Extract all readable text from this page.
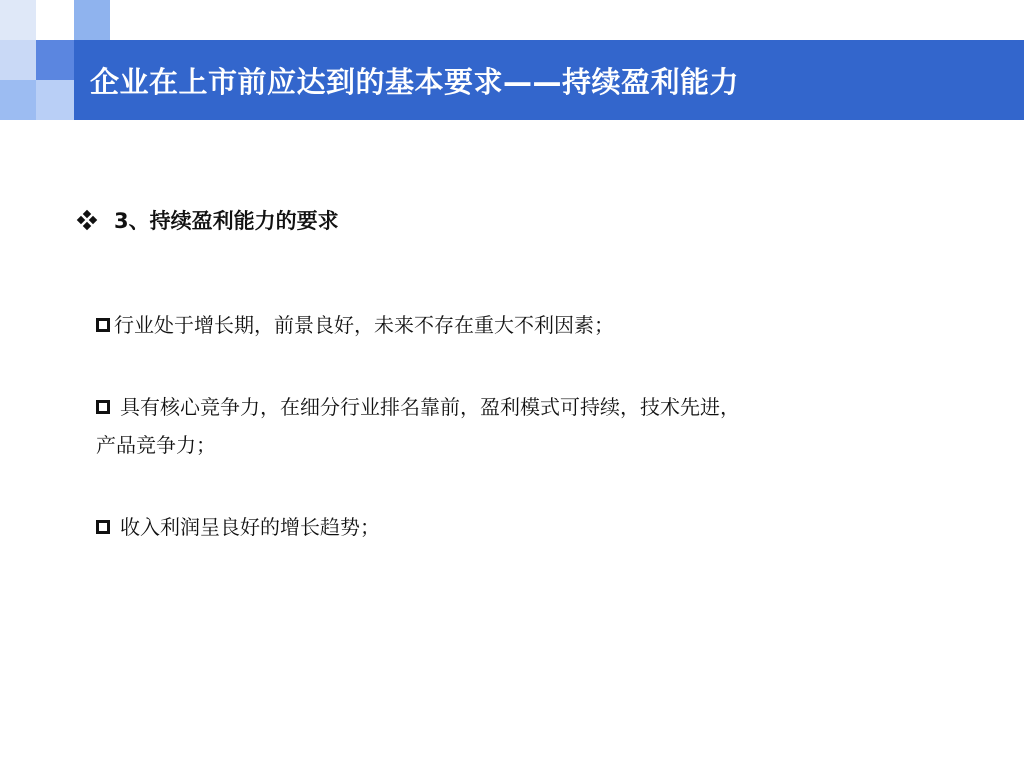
企业在上市前应达到的基本要求——持续盈利能力
3、持续盈利能力的要求
行业处于增长期，前景良好，未来不存在重大不利因素；
具有核心竞争力，在细分行业排名靠前，盈利模式可持续，技术先进，
产品竞争力；
收入利润呈良好的增长趋势；
